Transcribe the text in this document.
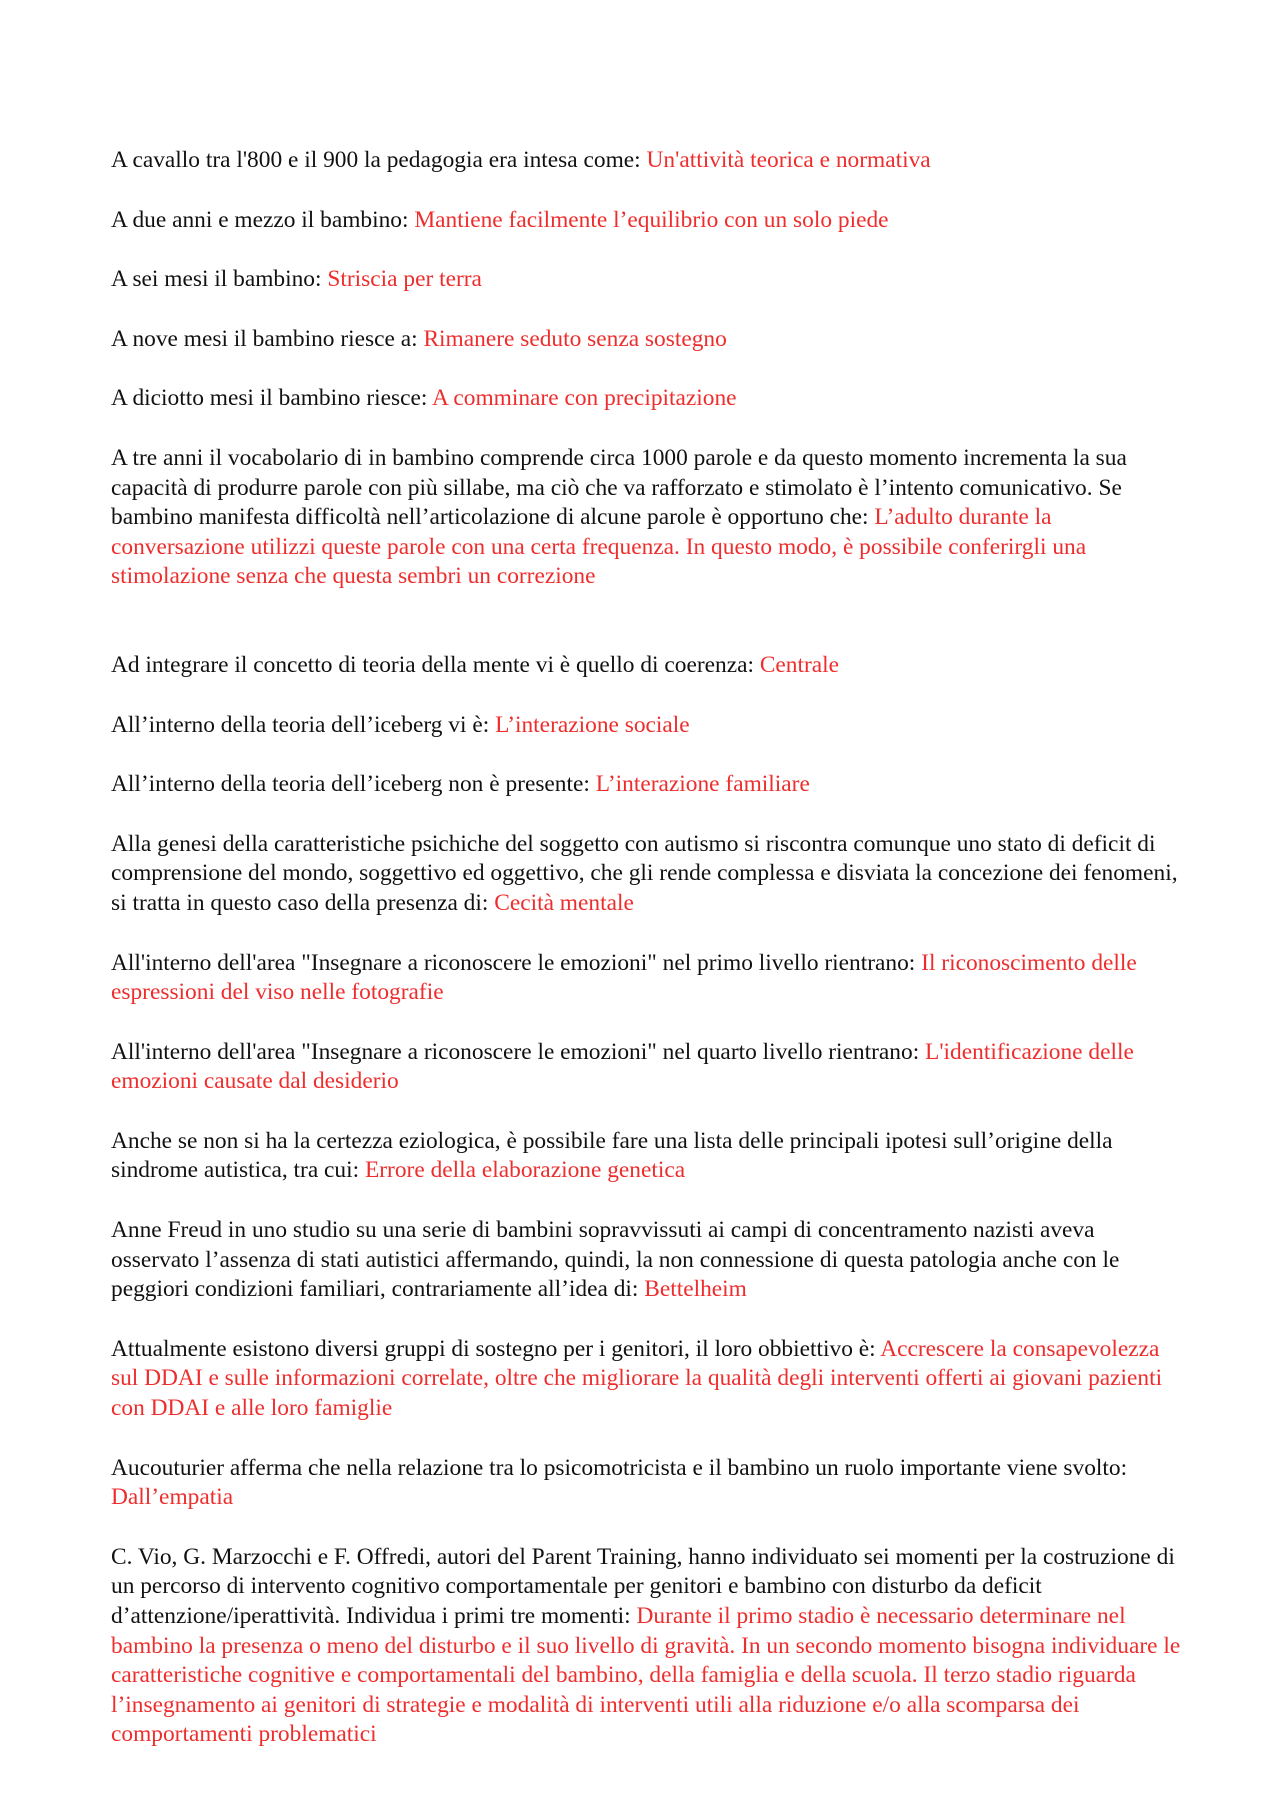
A cavallo tra l'800 e il 900 la pedagogia era intesa come: Un'attività teorica e normativa

A due anni e mezzo il bambino: Mantiene facilmente l’equilibrio con un solo piede

A sei mesi il bambino: Striscia per terra

A nove mesi il bambino riesce a: Rimanere seduto senza sostegno

A diciotto mesi il bambino riesce: A comminare con precipitazione

A tre anni il vocabolario di in bambino comprende circa 1000 parole e da questo momento incrementa la sua capacità di produrre parole con più sillabe, ma ciò che va rafforzato e stimolato è l’intento comunicativo. Se bambino manifesta difficoltà nell’articolazione di alcune parole è opportuno che: L’adulto durante la conversazione utilizzi queste parole con una certa frequenza. In questo modo, è possibile conferirgli una stimolazione senza che questa sembri un correzione

Ad integrare il concetto di teoria della mente vi è quello di coerenza: Centrale

All’interno della teoria dell’iceberg vi è: L’interazione sociale

All’interno della teoria dell’iceberg non è presente: L’interazione familiare

Alla genesi della caratteristiche psichiche del soggetto con autismo si riscontra comunque uno stato di deficit di comprensione del mondo, soggettivo ed oggettivo, che gli rende complessa e disviata la concezione dei fenomeni, si tratta in questo caso della presenza di: Cecità mentale

All'interno dell'area "Insegnare a riconoscere le emozioni" nel primo livello rientrano: Il riconoscimento delle espressioni del viso nelle fotografie

All'interno dell'area "Insegnare a riconoscere le emozioni" nel quarto livello rientrano: L'identificazione delle emozioni causate dal desiderio

Anche se non si ha la certezza eziologica, è possibile fare una lista delle principali ipotesi sull’origine della sindrome autistica, tra cui: Errore della elaborazione genetica

Anne Freud in uno studio su una serie di bambini sopravvissuti ai campi di concentramento nazisti aveva osservato l’assenza di stati autistici affermando, quindi, la non connessione di questa patologia anche con le peggiori condizioni familiari, contrariamente all’idea di: Bettelheim

Attualmente esistono diversi gruppi di sostegno per i genitori, il loro obbiettivo è: Accrescere la consapevolezza sul DDAI e sulle informazioni correlate, oltre che migliorare la qualità degli interventi offerti ai giovani pazienti con DDAI e alle loro famiglie

Aucouturier afferma che nella relazione tra lo psicomotricista e il bambino un ruolo importante viene svolto: Dall’empatia

C. Vio, G. Marzocchi e F. Offredi, autori del Parent Training, hanno individuato sei momenti per la costruzione di un percorso di intervento cognitivo comportamentale per genitori e bambino con disturbo da deficit d’attenzione/iperattività. Individua i primi tre momenti: Durante il primo stadio è necessario determinare nel bambino la presenza o meno del disturbo e il suo livello di gravità. In un secondo momento bisogna individuare le caratteristiche cognitive e comportamentali del bambino, della famiglia e della scuola. Il terzo stadio riguarda l’insegnamento ai genitori di strategie e modalità di interventi utili alla riduzione e/o alla scomparsa dei comportamenti problematici
